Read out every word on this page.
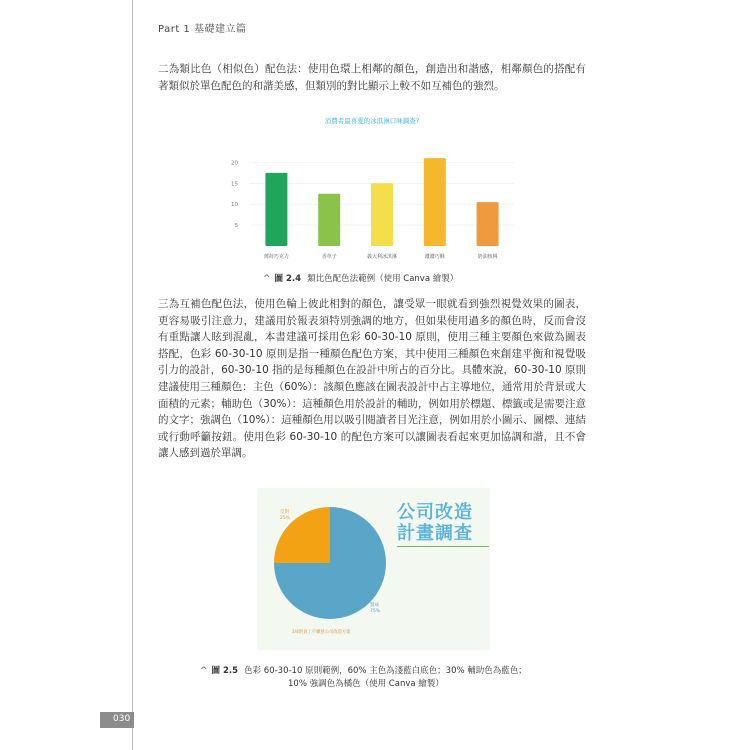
Part 1 基礎建立篇

二為類比色（相似色）配色法：使用色環上相鄰的顏色，創造出和諧感，相鄰顏色的搭配有著類似於單色配色的和諧美感，但類別的對比顯示上較不如互補色的強烈。

消費者最喜愛的冰淇淋口味調查?
5
10
15
20
薄荷巧克力	香草子	義大利冰淇淋	濃濃巧酥	奶油核桃
^ 圖 2.4 類比色配色法範例（使用 Canva 繪製）

三為互補色配色法，使用色輪上彼此相對的顏色，讓受眾一眼就看到強烈視覺效果的圖表，更容易吸引注意力，建議用於報表須特別強調的地方，但如果使用過多的顏色時，反而會沒有重點讓人眩到混亂，本書建議可採用色彩 60-30-10 原則，使用三種主要顏色來做為圖表搭配，色彩 60-30-10 原則是指一種顏色配色方案，其中使用三種顏色來創建平衡和視覺吸引力的設計，60-30-10 指的是每種顏色在設計中所占的百分比。具體來說，60-30-10 原則建議使用三種顏色：主色（60%）：該顏色應該在圖表設計中占主導地位，通常用於背景或大面積的元素；輔助色（30%）：這種顏色用於設計的輔助，例如用於標題、標籤或是需要注意的文字；強調色（10%）：這種顏色用以吸引閱讀者目光注意，例如用於小圖示、圖標、連結或行動呼籲按鈕。使用色彩 60-30-10 的配色方案可以讓圖表看起來更加協調和諧，且不會讓人感到過於單調。

反對
25%
贊成
75%
公司改造計畫調查
2/4的員工不願意公司改造方案
^ 圖 2.5 色彩 60-30-10 原則範例，60% 主色為淺藍白底色；30% 輔助色為藍色；
10% 強調色為橘色（使用 Canva 繪製）
030
